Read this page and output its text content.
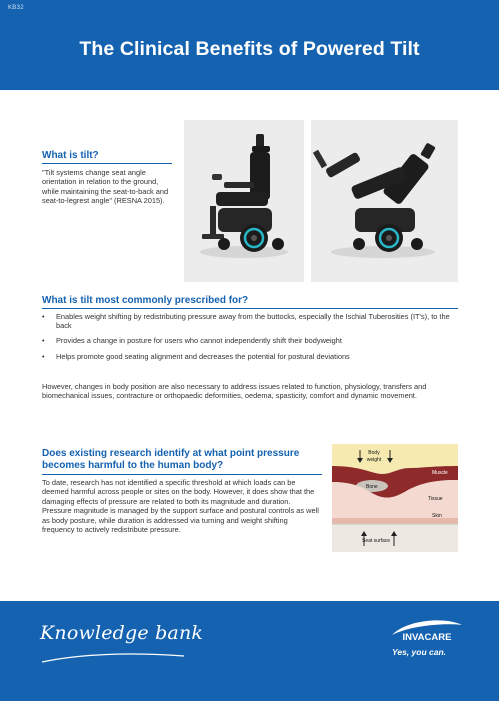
KB32
The Clinical Benefits of Powered Tilt
What is tilt?
"Tilt systems change seat angle orientation in relation to the ground, while maintaining the seat-to-back and seat-to-legrest angle" (RESNA 2015).
What is tilt most commonly prescribed for?
•	Enables weight shifting by redistributing pressure away from the buttocks, especially the Ischial Tuberosities (IT's), to the back
•	Provides a change in posture for users who cannot independently shift their bodyweight
•	Helps promote good seating alignment and decreases the potential for postural deviations
However, changes in body position are also necessary to address issues related to function, physiology, transfers and biomechanical issues, contracture or orthopaedic deformities, oedema, spasticity, comfort and dynamic movement.
Does existing research identify at what point pressure
becomes harmful to the human body?
To date, research has not identified a specific threshold at which loads can be deemed harmful across people or sites on the body. However, it does show that the damaging effects of pressure are related to both its magnitude and duration. Pressure magnitude is managed by the support surface and postural controls as well as body posture, while duration is addressed via turning and weight shifting frequency to actively redistribute pressure.
Body
weight
Muscle
Bone
Tissue
Skin
Seat surface
Knowledge bank	INVACARE
Yes, you can.
